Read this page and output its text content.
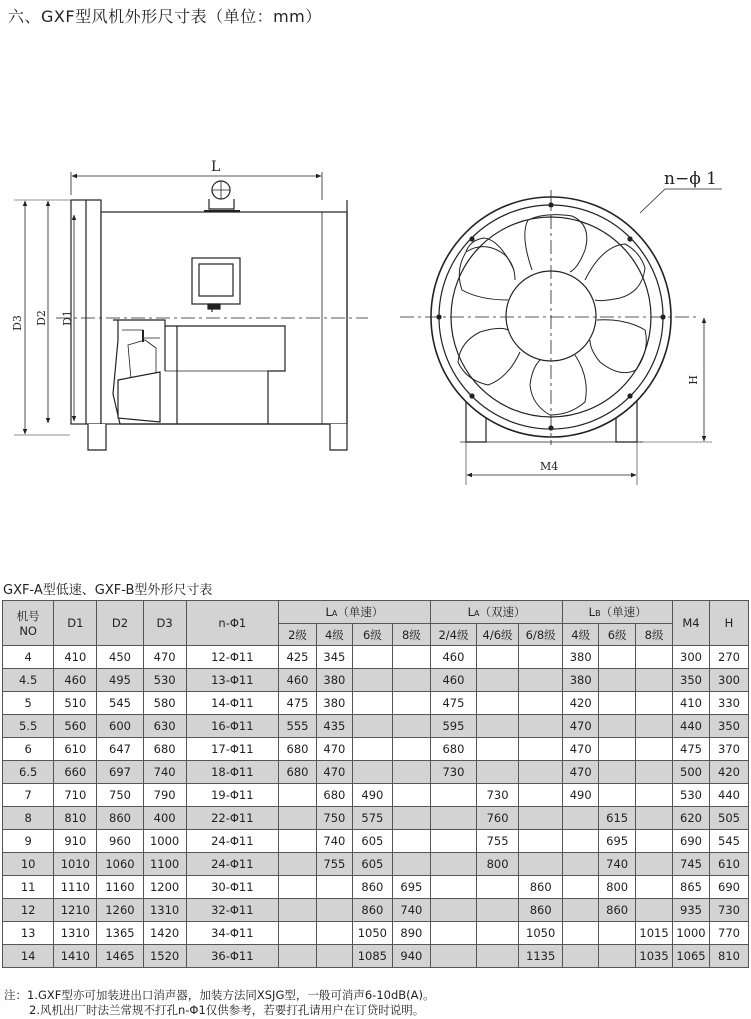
六、GXF型风机外形尺寸表（单位：mm）
L
D3 D2 D1
n−ϕ 1
H
M4
GXF-A型低速、GXF-B型外形尺寸表
机号
NO	D1	D2	D3	n-Φ1	LA（单速）				LA（双速）			LB（单速）			M4	H
					2级	4级	6级	8级	2/4级	4/6级	6/8级	4级	6级	8级		
4	410	450	470	12-Φ11	425	345			460			380			300	270
4.5	460	495	530	13-Φ11	460	380			460			380			350	300
5	510	545	580	14-Φ11	475	380			475			420			410	330
5.5	560	600	630	16-Φ11	555	435			595			470			440	350
6	610	647	680	17-Φ11	680	470			680			470			475	370
6.5	660	697	740	18-Φ11	680	470			730			470			500	420
7	710	750	790	19-Φ11		680	490			730		490			530	440
8	810	860	400	22-Φ11		750	575			760			615		620	505
9	910	960	1000	24-Φ11		740	605			755			695		690	545
10	1010	1060	1100	24-Φ11		755	605			800			740		745	610
11	1110	1160	1200	30-Φ11			860	695			860		800		865	690
12	1210	1260	1310	32-Φ11			860	740			860		860		935	730
13	1310	1365	1420	34-Φ11			1050	890			1050			1015	1000	770
14	1410	1465	1520	36-Φ11			1085	940			1135			1035	1065	810
注：1.GXF型亦可加装进出口消声器，加装方法同XSJG型，一般可消声6-10dB(A)。
2.风机出厂时法兰常规不打孔n-Φ1仅供参考，若要打孔请用户在订贷时说明。
